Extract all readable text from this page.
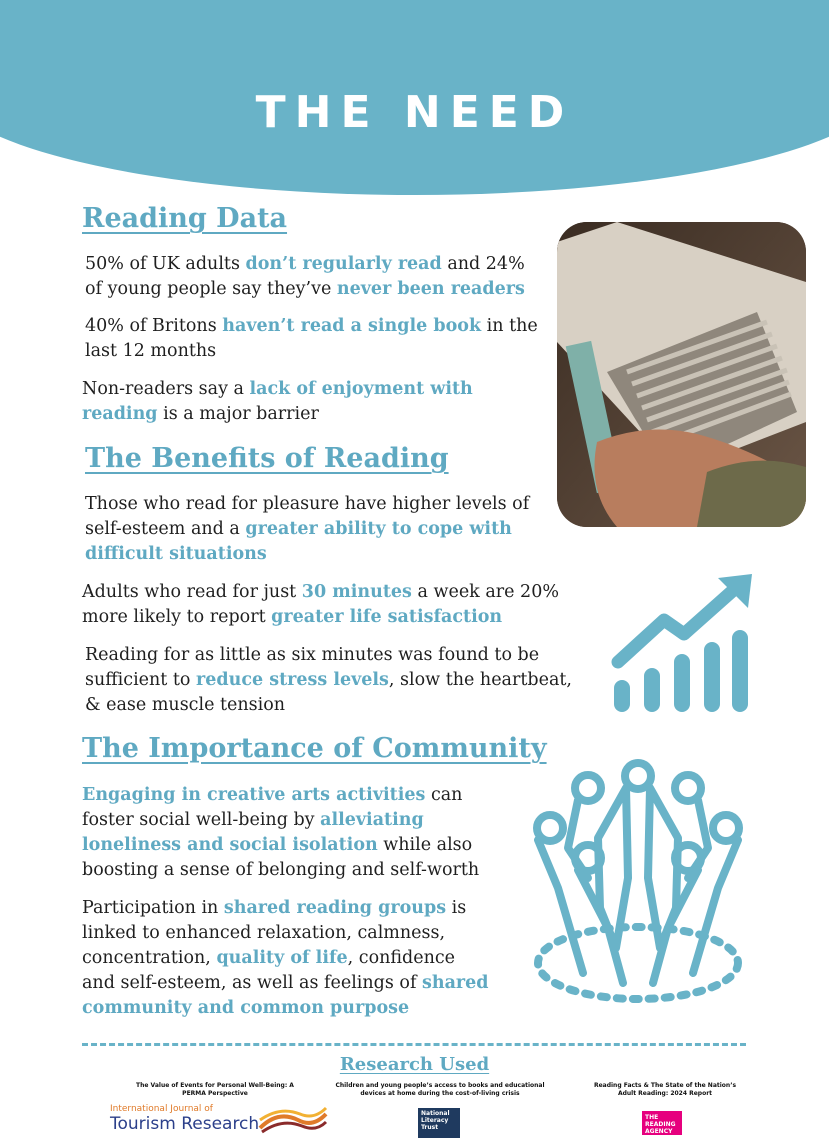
THE NEED
Reading Data

50% of UK adults don’t regularly read and 24% of young people say they’ve never been readers

40% of Britons haven’t read a single book in the last 12 months

Non-readers say a lack of enjoyment with reading is a major barrier

The Benefits of Reading

Those who read for pleasure have higher levels of self-esteem and a greater ability to cope with difficult situations

Adults who read for just 30 minutes a week are 20% more likely to report greater life satisfaction

Reading for as little as six minutes was found to be sufficient to reduce stress levels, slow the heartbeat, & ease muscle tension

The Importance of Community

Engaging in creative arts activities can foster social well-being by alleviating loneliness and social isolation while also boosting a sense of belonging and self-worth

Participation in shared reading groups is linked to enhanced relaxation, calmness, concentration, quality of life, confidence and self-esteem, as well as feelings of shared community and common purpose

Research Used

The Value of Events for Personal Well-Being: A PERMA Perspective

Children and young people’s access to books and educational devices at home during the cost-of-living crisis

Reading Facts & The State of the Nation’s Adult Reading: 2024 Report

International Journal of
Tourism Research
National Literacy Trust
THE READING AGENCY
